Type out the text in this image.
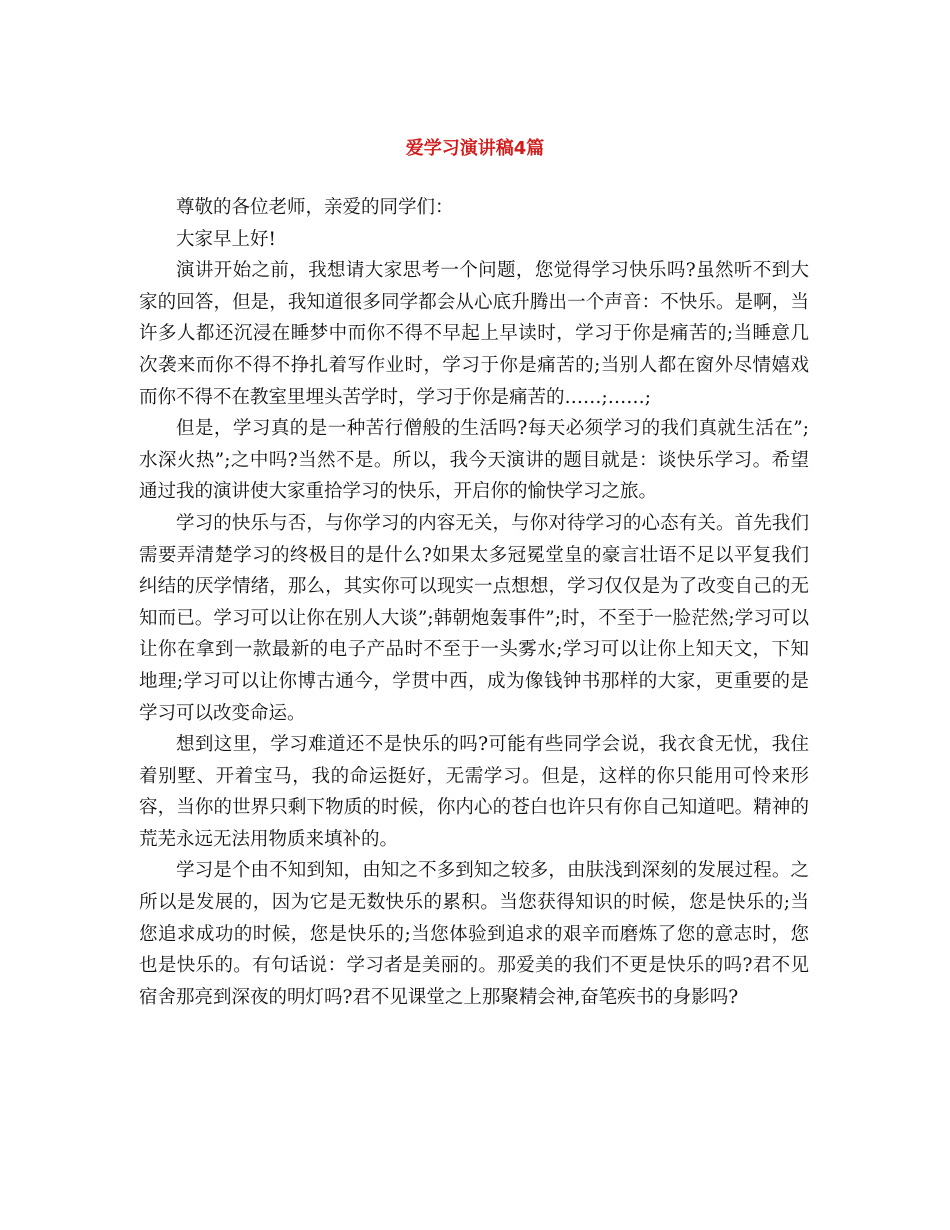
爱学习演讲稿4篇

尊敬的各位老师，亲爱的同学们：

大家早上好!

演讲开始之前，我想请大家思考一个问题，您觉得学习快乐吗?虽然听不到大家的回答，但是，我知道很多同学都会从心底升腾出一个声音：不快乐。是啊，当许多人都还沉浸在睡梦中而你不得不早起上早读时，学习于你是痛苦的;当睡意几次袭来而你不得不挣扎着写作业时，学习于你是痛苦的;当别人都在窗外尽情嬉戏而你不得不在教室里埋头苦学时，学习于你是痛苦的……;……;

但是，学习真的是一种苦行僧般的生活吗?每天必须学习的我们真就生活在”;水深火热”;之中吗?当然不是。所以，我今天演讲的题目就是：谈快乐学习。希望通过我的演讲使大家重拾学习的快乐，开启你的愉快学习之旅。

学习的快乐与否，与你学习的内容无关，与你对待学习的心态有关。首先我们需要弄清楚学习的终极目的是什么?如果太多冠冕堂皇的豪言壮语不足以平复我们纠结的厌学情绪，那么，其实你可以现实一点想想，学习仅仅是为了改变自己的无知而已。学习可以让你在别人大谈”;韩朝炮轰事件”;时，不至于一脸茫然;学习可以让你在拿到一款最新的电子产品时不至于一头雾水;学习可以让你上知天文，下知地理;学习可以让你博古通今，学贯中西，成为像钱钟书那样的大家，更重要的是学习可以改变命运。

想到这里，学习难道还不是快乐的吗?可能有些同学会说，我衣食无忧，我住着别墅、开着宝马，我的命运挺好，无需学习。但是，这样的你只能用可怜来形容，当你的世界只剩下物质的时候，你内心的苍白也许只有你自己知道吧。精神的荒芜永远无法用物质来填补的。

学习是个由不知到知，由知之不多到知之较多，由肤浅到深刻的发展过程。之所以是发展的，因为它是无数快乐的累积。当您获得知识的时候，您是快乐的;当您追求成功的时候，您是快乐的;当您体验到追求的艰辛而磨炼了您的意志时，您也是快乐的。有句话说：学习者是美丽的。那爱美的我们不更是快乐的吗?君不见宿舍那亮到深夜的明灯吗?君不见课堂之上那聚精会神,奋笔疾书的身影吗?
